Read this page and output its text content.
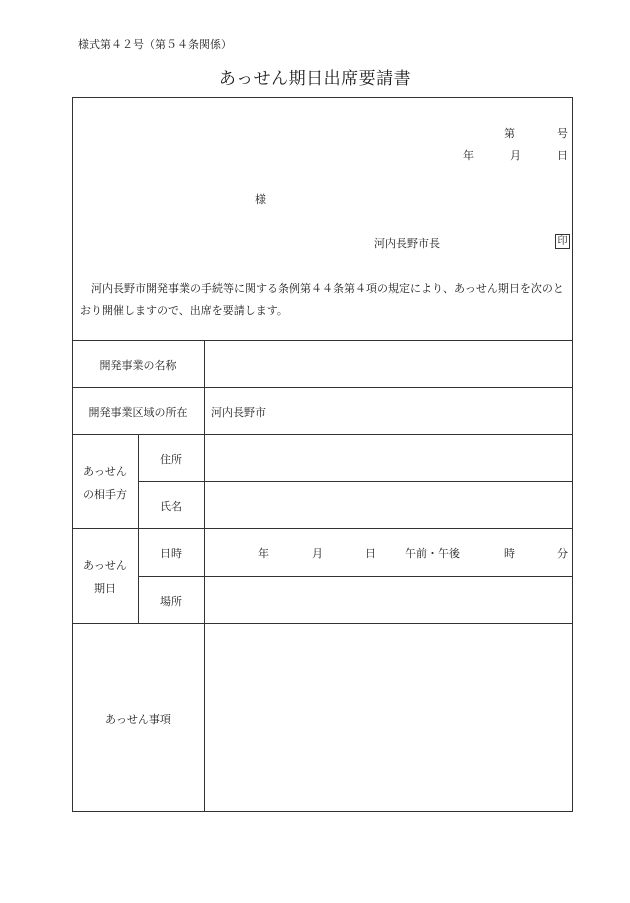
様式第４２号（第５４条関係）
あっせん期日出席要請書
第	号
年	月	日
様
河内長野市長	印
河内長野市開発事業の手続等に関する条例第４４条第４項の規定により、あっせん期日を次のとおり開催しますので、出席を要請します。
開発事業の名称
開発事業区域の所在	河内長野市
あっせん
の相手方
住所
氏名
あっせん
期日
日時	年	月	日	午前・午後	時	分
場所
あっせん事項
